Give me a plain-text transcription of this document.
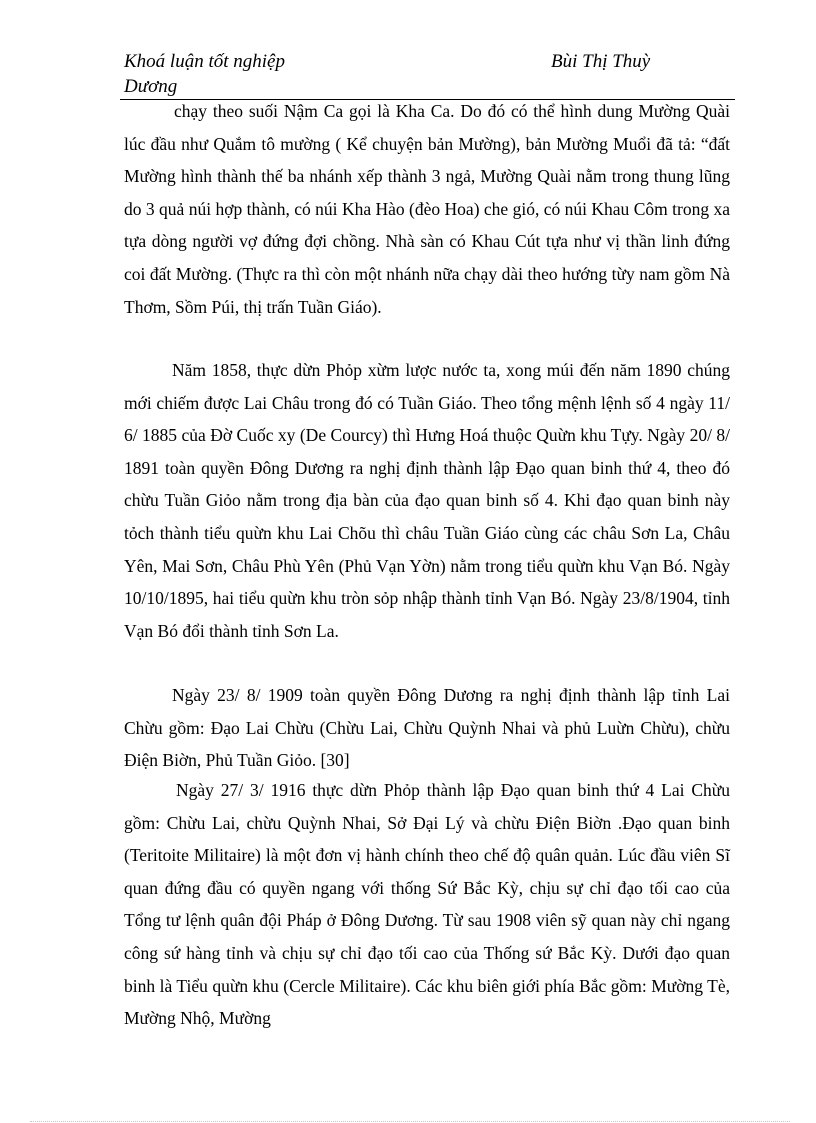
Khoá luận tốt nghiệp	Bùi Thị Thuỳ
Dương

chạy theo suối Nậm Ca gọi là Kha Ca. Do đó có thể hình dung Mường Quài lúc đầu như Quắm tô mường ( Kể chuyện bản Mường), bản Mường Muổi đã tả: “đất Mường hình thành thế ba nhánh xếp thành 3 ngả, Mường Quài nằm trong thung lũng do 3 quả núi hợp thành, có núi Kha Hào (đèo Hoa) che gió, có núi Khau Côm trong xa tựa dòng người vợ đứng đợi chồng. Nhà sàn có Khau Cút tựa như vị thần linh đứng coi đất Mường. (Thực ra thì còn một nhánh nữa chạy dài theo hướng từy nam gồm Nà Thơm, Sồm Púi, thị trấn Tuần Giáo).

Năm 1858, thực dừn Phỏp xừm lược nước ta, xong múi đến năm 1890 chúng mới chiếm được Lai Châu trong đó có Tuần Giáo. Theo tổng mệnh lệnh số 4 ngày 11/ 6/ 1885 của Đờ Cuốc xy (De Courcy) thì Hưng Hoá thuộc Quừn khu Tựy. Ngày 20/ 8/ 1891 toàn quyền Đông Dương ra nghị định thành lập Đạo quan binh thứ 4, theo đó chừu Tuần Giỏo nằm trong địa bàn của đạo quan binh số 4. Khi đạo quan binh này tỏch thành tiểu quừn khu Lai Chõu thì châu Tuần Giáo cùng các châu Sơn La, Châu Yên, Mai Sơn, Châu Phù Yên (Phủ Vạn Yờn) nằm trong tiểu quừn khu Vạn Bó. Ngày 10/10/1895, hai tiểu quừn khu tròn sỏp nhập thành tỉnh Vạn Bó. Ngày 23/8/1904, tỉnh Vạn Bó đổi thành tỉnh Sơn La.

Ngày 23/ 8/ 1909 toàn quyền Đông Dương ra nghị định thành lập tỉnh Lai Chừu gồm: Đạo Lai Chừu (Chừu Lai, Chừu Quỳnh Nhai và phủ Luừn Chừu), chừu Điện Biờn, Phủ Tuần Giỏo. [30]

Ngày 27/ 3/ 1916 thực dừn Phỏp thành lập Đạo quan binh thứ 4 Lai Chừu gồm: Chừu Lai, chừu Quỳnh Nhai, Sở Đại Lý và chừu Điện Biờn .Đạo quan binh (Teritoite Militaire) là một đơn vị hành chính theo chế độ quân quản. Lúc đầu viên Sĩ quan đứng đầu có quyền ngang với thống Sứ Bắc Kỳ, chịu sự chỉ đạo tối cao của Tổng tư lệnh quân đội Pháp ở Đông Dương. Từ sau 1908 viên sỹ quan này chỉ ngang công sứ hàng tỉnh và chịu sự chỉ đạo tối cao của Thống sứ Bắc Kỳ. Dưới đạo quan binh là Tiểu quừn khu (Cercle Militaire). Các khu biên giới phía Bắc gồm: Mường Tè, Mường Nhộ, Mường
